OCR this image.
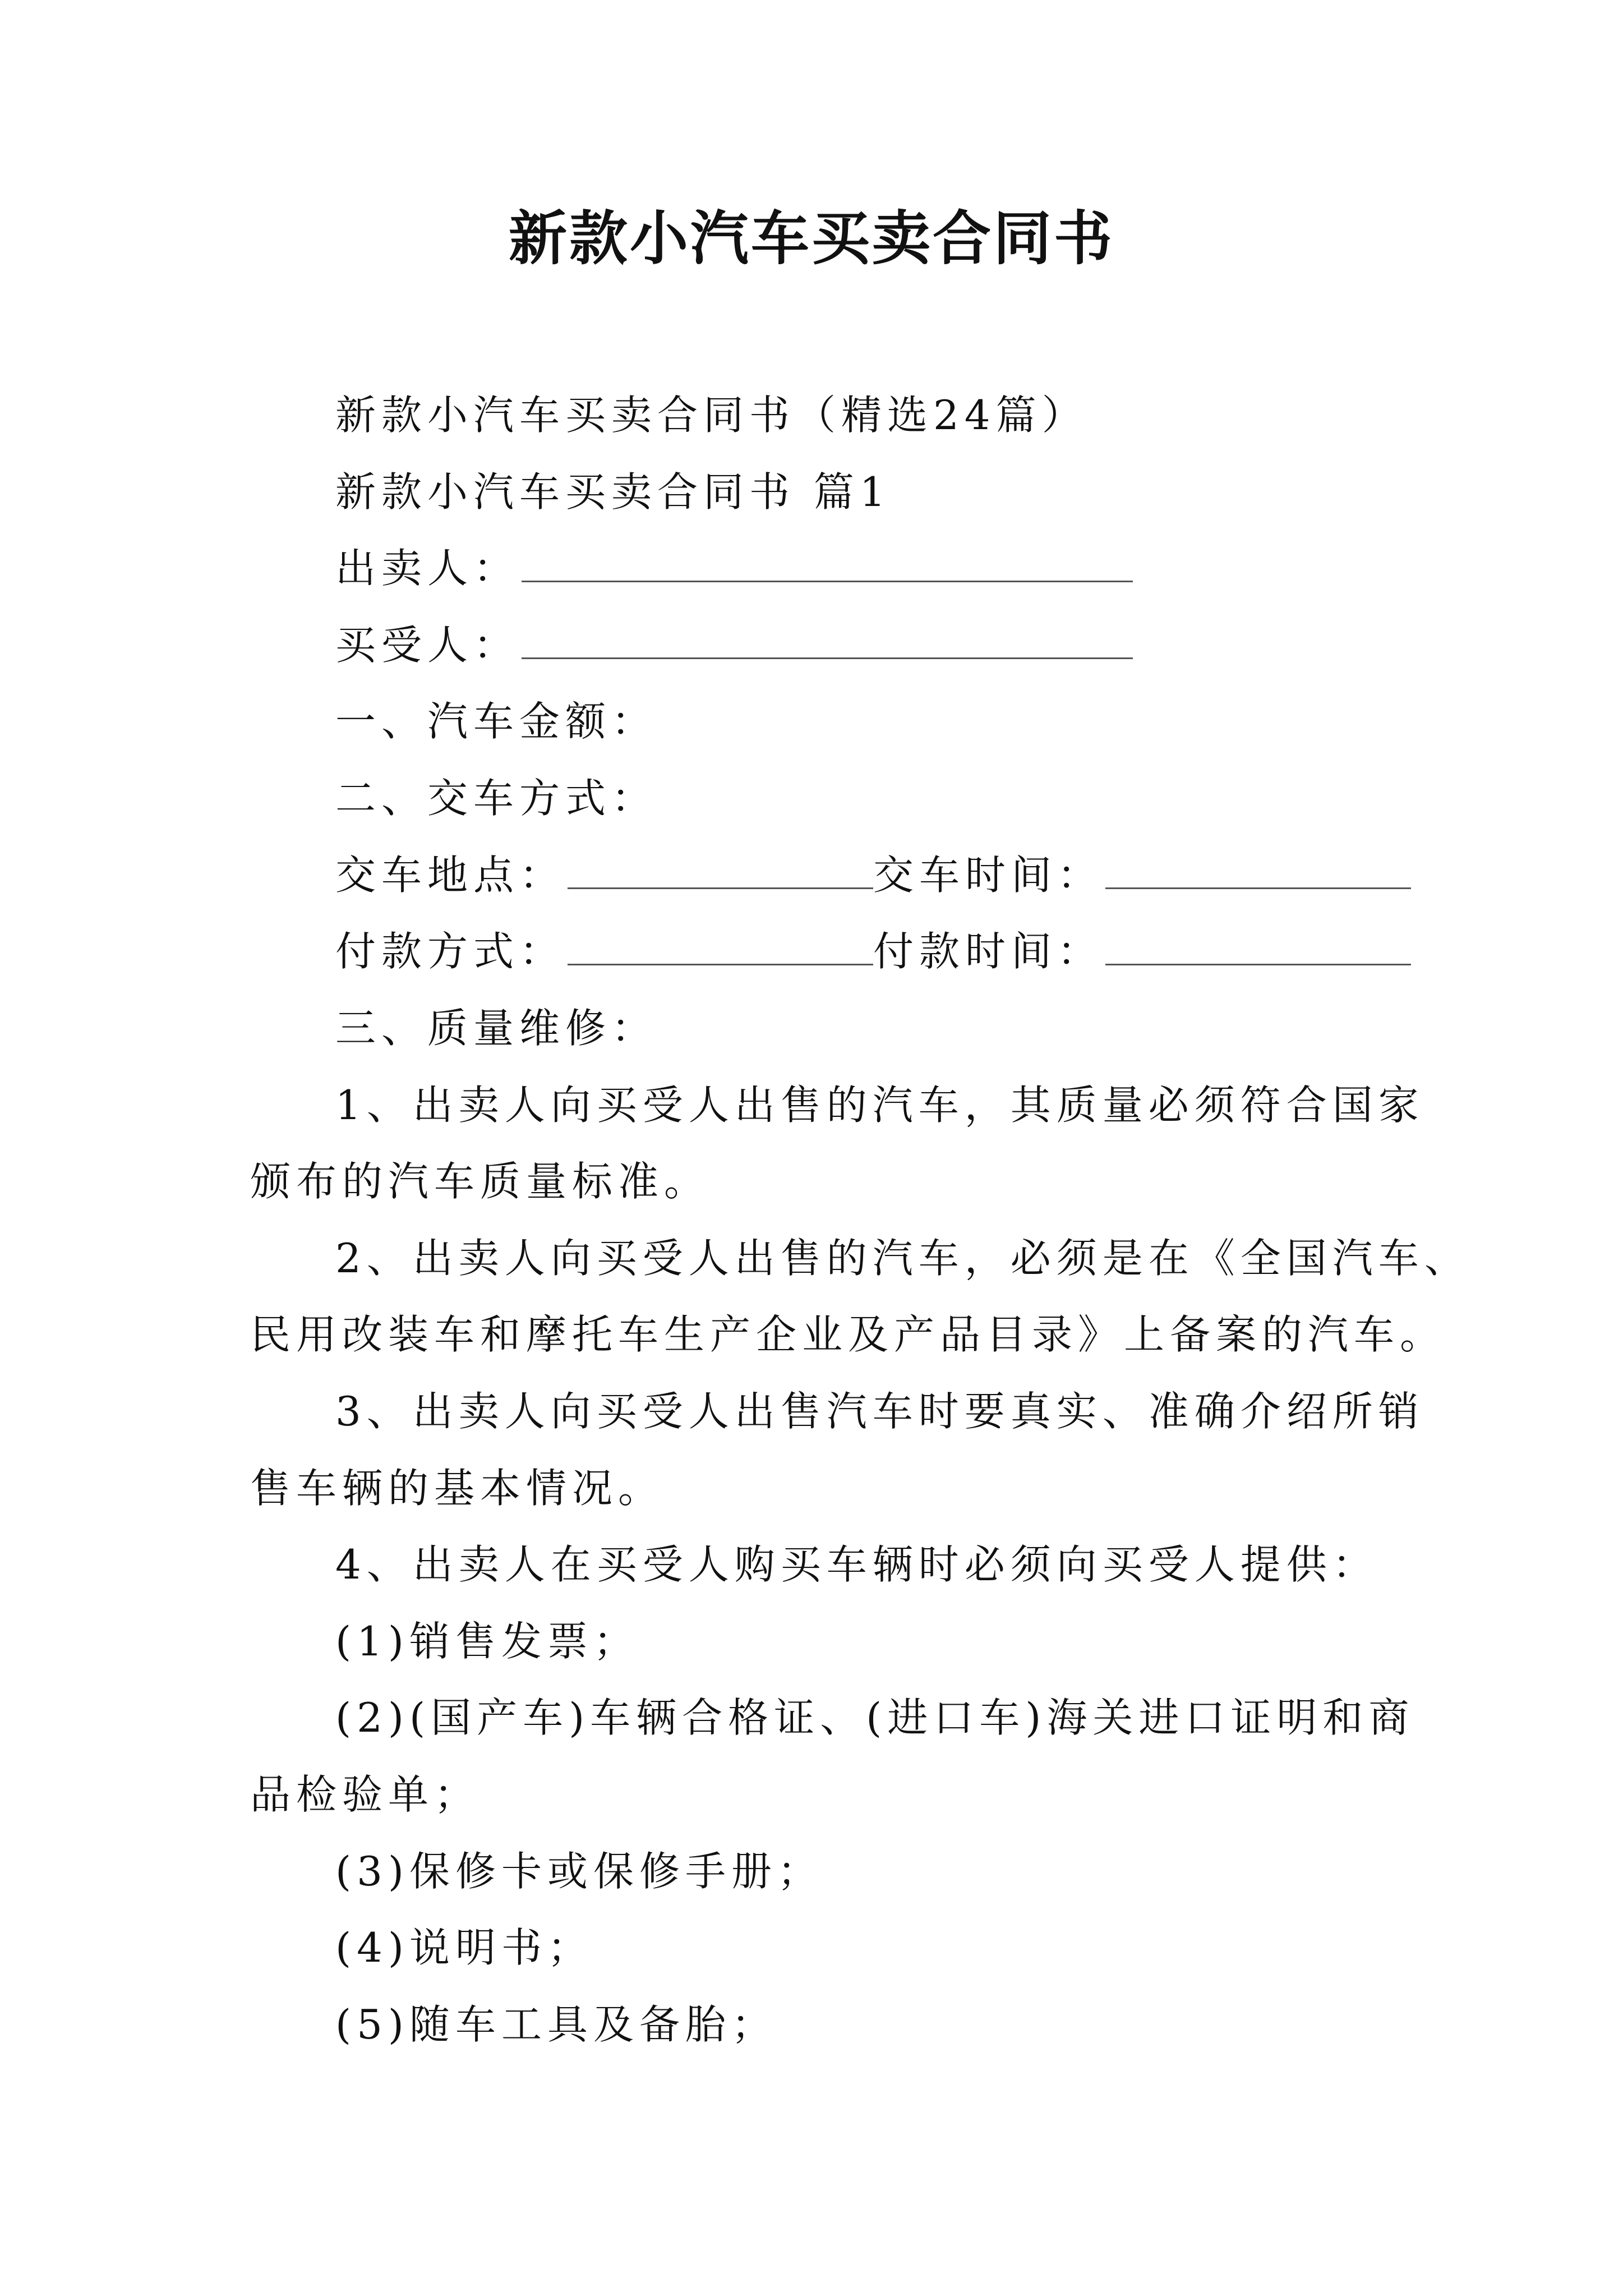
新款小汽车买卖合同书
新款小汽车买卖合同书（精选24篇）
新款小汽车买卖合同书 篇1
出卖人：
买受人：
一、汽车金额：
二、交车方式：
交车地点：	交车时间：
付款方式：	付款时间：
三、质量维修：
1、出卖人向买受人出售的汽车，其质量必须符合国家
颁布的汽车质量标准。
2、出卖人向买受人出售的汽车，必须是在《全国汽车、
民用改装车和摩托车生产企业及产品目录》上备案的汽车。
3、出卖人向买受人出售汽车时要真实、准确介绍所销
售车辆的基本情况。
4、出卖人在买受人购买车辆时必须向买受人提供：
(1)销售发票；
(2)(国产车)车辆合格证、(进口车)海关进口证明和商
品检验单；
(3)保修卡或保修手册；
(4)说明书；
(5)随车工具及备胎；
